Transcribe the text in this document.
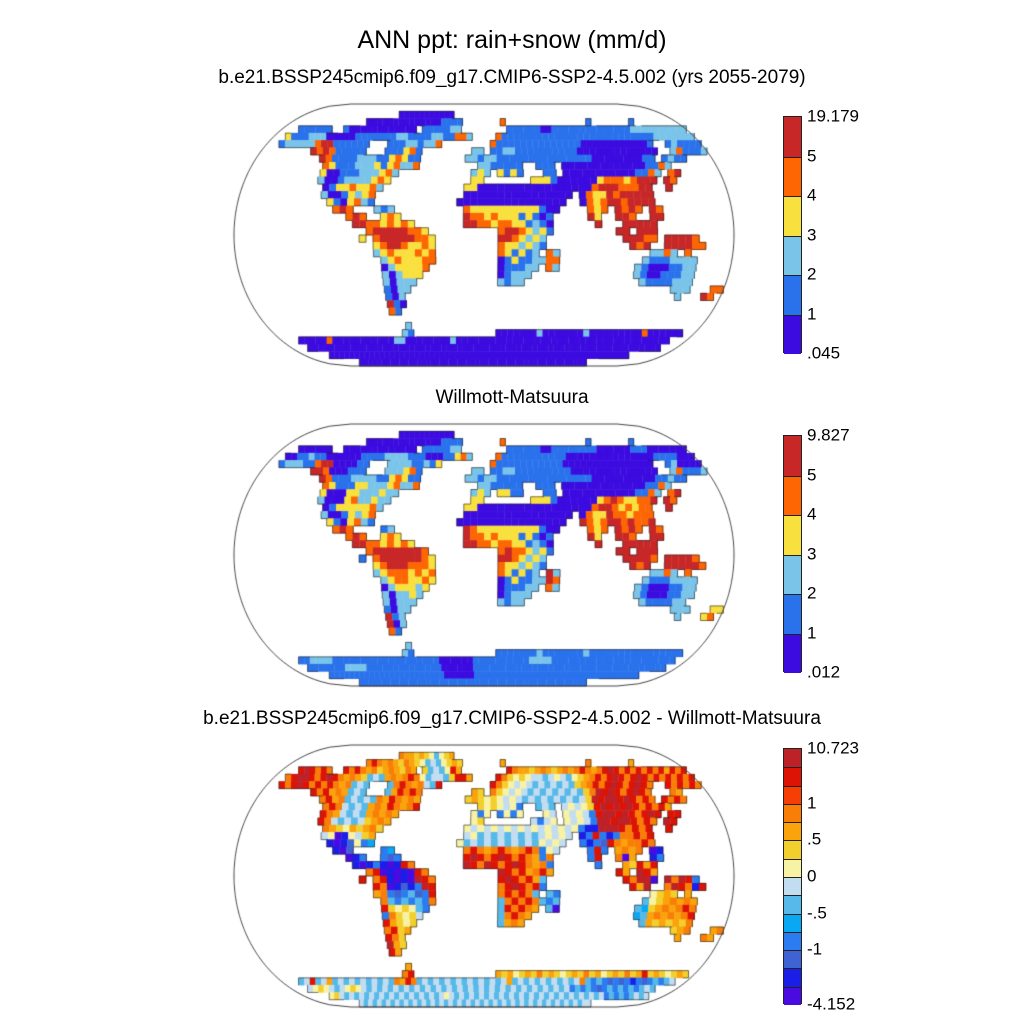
ANN ppt: rain+snow (mm/d)
b.e21.BSSP245cmip6.f09_g17.CMIP6-SSP2-4.5.002 (yrs 2055-2079)
19.179
5
4
3
2
1
.045
Willmott-Matsuura
9.827
5
4
3
2
1
.012
b.e21.BSSP245cmip6.f09_g17.CMIP6-SSP2-4.5.002 - Willmott-Matsuura
10.723
1
.5
0
-.5
-1
-4.152
